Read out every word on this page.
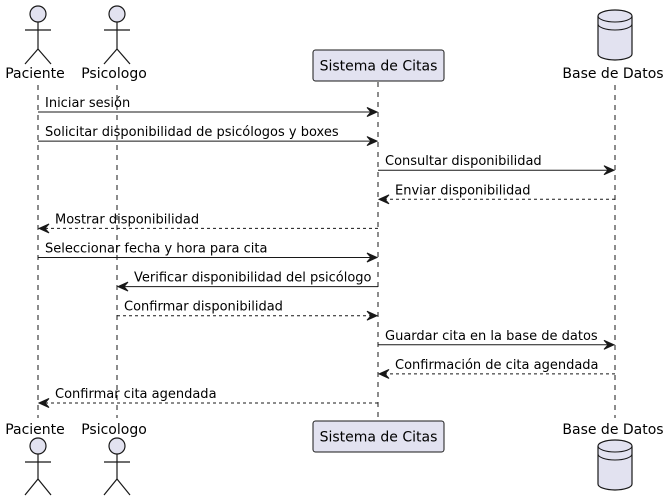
Paciente Psicologo	Sistema de Citas	Base de Datos
Paciente Psicologo	Sistema de Citas	Base de Datos
Iniciar sesión
Solicitar disponibilidad de psicólogos y boxes
Consultar disponibilidad
Enviar disponibilidad
Mostrar disponibilidad
Seleccionar fecha y hora para cita
Verificar disponibilidad del psicólogo
Confirmar disponibilidad
Guardar cita en la base de datos
Confirmación de cita agendada
Confirmar cita agendada
